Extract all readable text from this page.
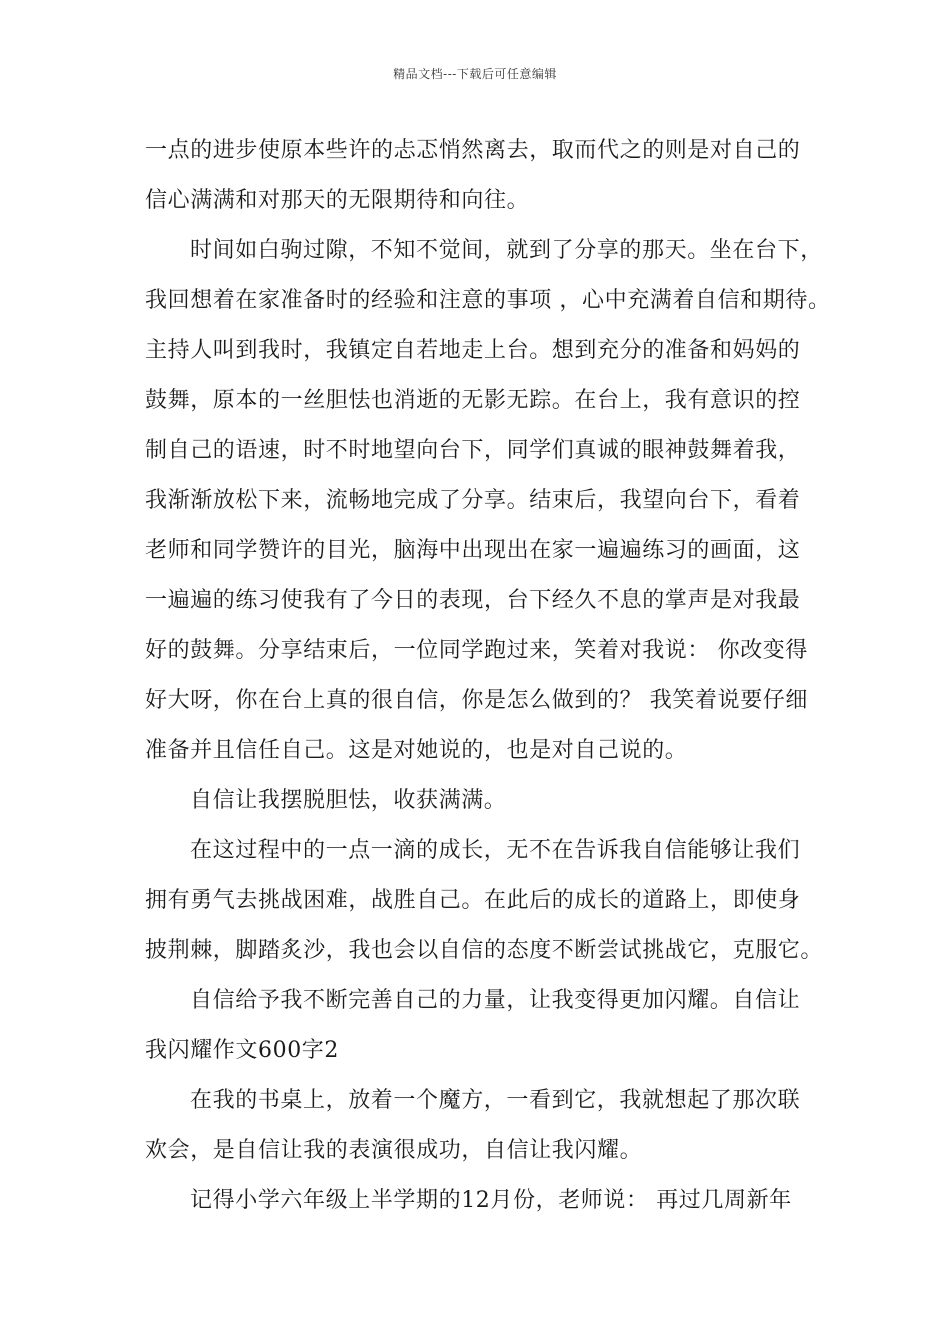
精品文档---下载后可任意编辑
一点的进步使原本些许的忐忑悄然离去，取而代之的则是对自己的
信心满满和对那天的无限期待和向往。
时间如白驹过隙，不知不觉间，就到了分享的那天。坐在台下，
我回想着在家准备时的经验和注意的事项 ，心中充满着自信和期待。
主持人叫到我时，我镇定自若地走上台。想到充分的准备和妈妈的
鼓舞，原本的一丝胆怯也消逝的无影无踪。在台上，我有意识的控
制自己的语速，时不时地望向台下，同学们真诚的眼神鼓舞着我，
我渐渐放松下来，流畅地完成了分享。结束后，我望向台下，看着
老师和同学赞许的目光，脑海中出现出在家一遍遍练习的画面，这
一遍遍的练习使我有了今日的表现，台下经久不息的掌声是对我最
好的鼓舞。分享结束后，一位同学跑过来，笑着对我说： 你改变得
好大呀，你在台上真的很自信，你是怎么做到的？ 我笑着说要仔细
准备并且信任自己。这是对她说的，也是对自己说的。
自信让我摆脱胆怯，收获满满。
在这过程中的一点一滴的成长，无不在告诉我自信能够让我们
拥有勇气去挑战困难，战胜自己。在此后的成长的道路上，即使身
披荆棘，脚踏炙沙，我也会以自信的态度不断尝试挑战它，克服它。
自信给予我不断完善自己的力量，让我变得更加闪耀。自信让
我闪耀作文600字2
在我的书桌上，放着一个魔方，一看到它，我就想起了那次联
欢会，是自信让我的表演很成功，自信让我闪耀。
记得小学六年级上半学期的12月份，老师说： 再过几周新年
